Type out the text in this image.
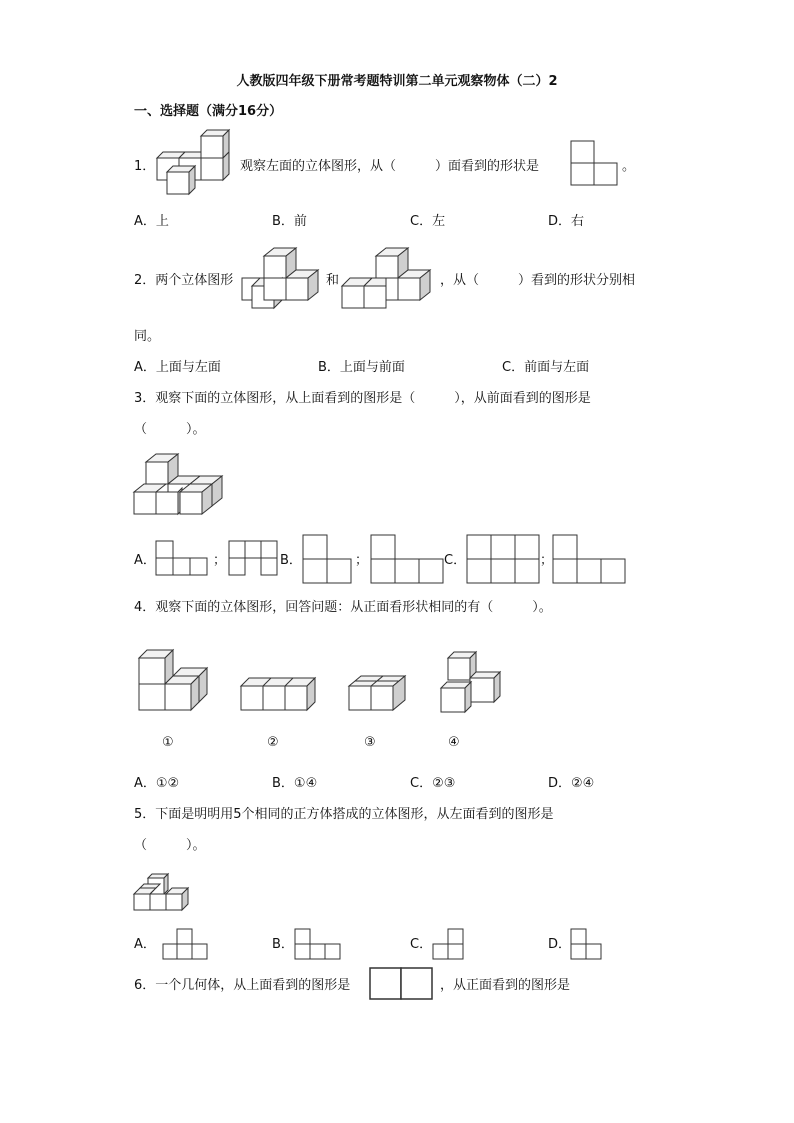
人教版四年级下册常考题特训第二单元观察物体（二）2
一、选择题（满分16分）
1．	观察左面的立体图形，从（　　　）面看到的形状是	。
A．上	B．前	C．左	D．右
2．两个立体图形	和	，从（　　　）看到的形状分别相
同。
A．上面与左面	B．上面与前面	C．前面与左面
3．观察下面的立体图形，从上面看到的图形是（　　　），从前面看到的图形是
（　　　）。
A．	；	B．	；	C．	；
4．观察下面的立体图形，回答问题：从正面看形状相同的有（　　　）。
①	②	③	④
A．①②	B．①④	C．②③	D．②④
5．下面是明明用5个相同的正方体搭成的立体图形，从左面看到的图形是
（　　　）。
A．	B．	C．	D．
6．一个几何体，从上面看到的图形是	，从正面看到的图形是
